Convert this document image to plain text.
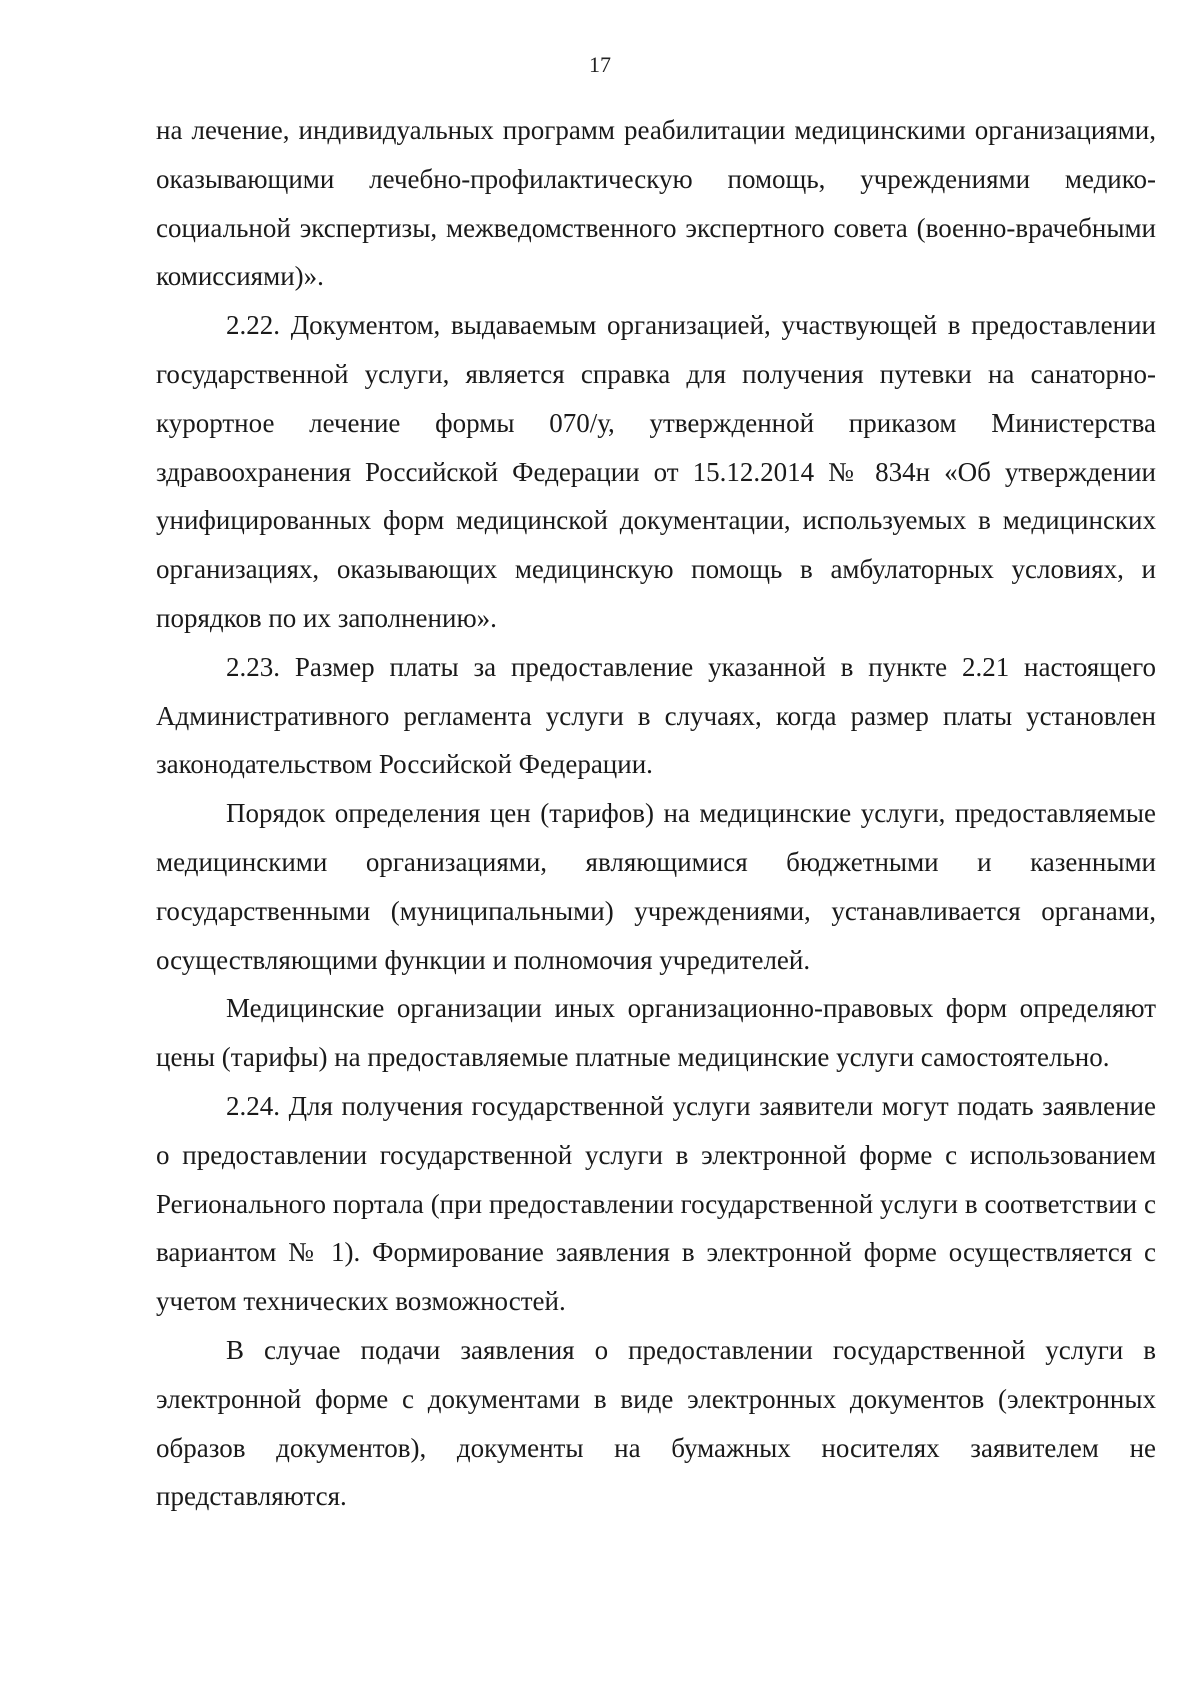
17

на лечение, индивидуальных программ реабилитации медицинскими организациями, оказывающими лечебно-профилактическую помощь, учреждениями медико-социальной экспертизы, межведомственного экспертного совета (военно-врачебными комиссиями)».

2.22. Документом, выдаваемым организацией, участвующей в предоставлении государственной услуги, является справка для получения путевки на санаторно-курортное лечение формы 070/у, утвержденной приказом Министерства здравоохранения Российской Федерации от 15.12.2014 № 834н «Об утверждении унифицированных форм медицинской документации, используемых в медицинских организациях, оказывающих медицинскую помощь в амбулаторных условиях, и порядков по их заполнению».

2.23. Размер платы за предоставление указанной в пункте 2.21 настоящего Административного регламента услуги в случаях, когда размер платы установлен законодательством Российской Федерации.

Порядок определения цен (тарифов) на медицинские услуги, предоставляемые медицинскими организациями, являющимися бюджетными и казенными государственными (муниципальными) учреждениями, устанавливается органами, осуществляющими функции и полномочия учредителей.

Медицинские организации иных организационно-правовых форм определяют цены (тарифы) на предоставляемые платные медицинские услуги самостоятельно.

2.24. Для получения государственной услуги заявители могут подать заявление о предоставлении государственной услуги в электронной форме с использованием Регионального портала (при предоставлении государственной услуги в соответствии с вариантом № 1). Формирование заявления в электронной форме осуществляется с учетом технических возможностей.

В случае подачи заявления о предоставлении государственной услуги в электронной форме с документами в виде электронных документов (электронных образов документов), документы на бумажных носителях заявителем не представляются.
